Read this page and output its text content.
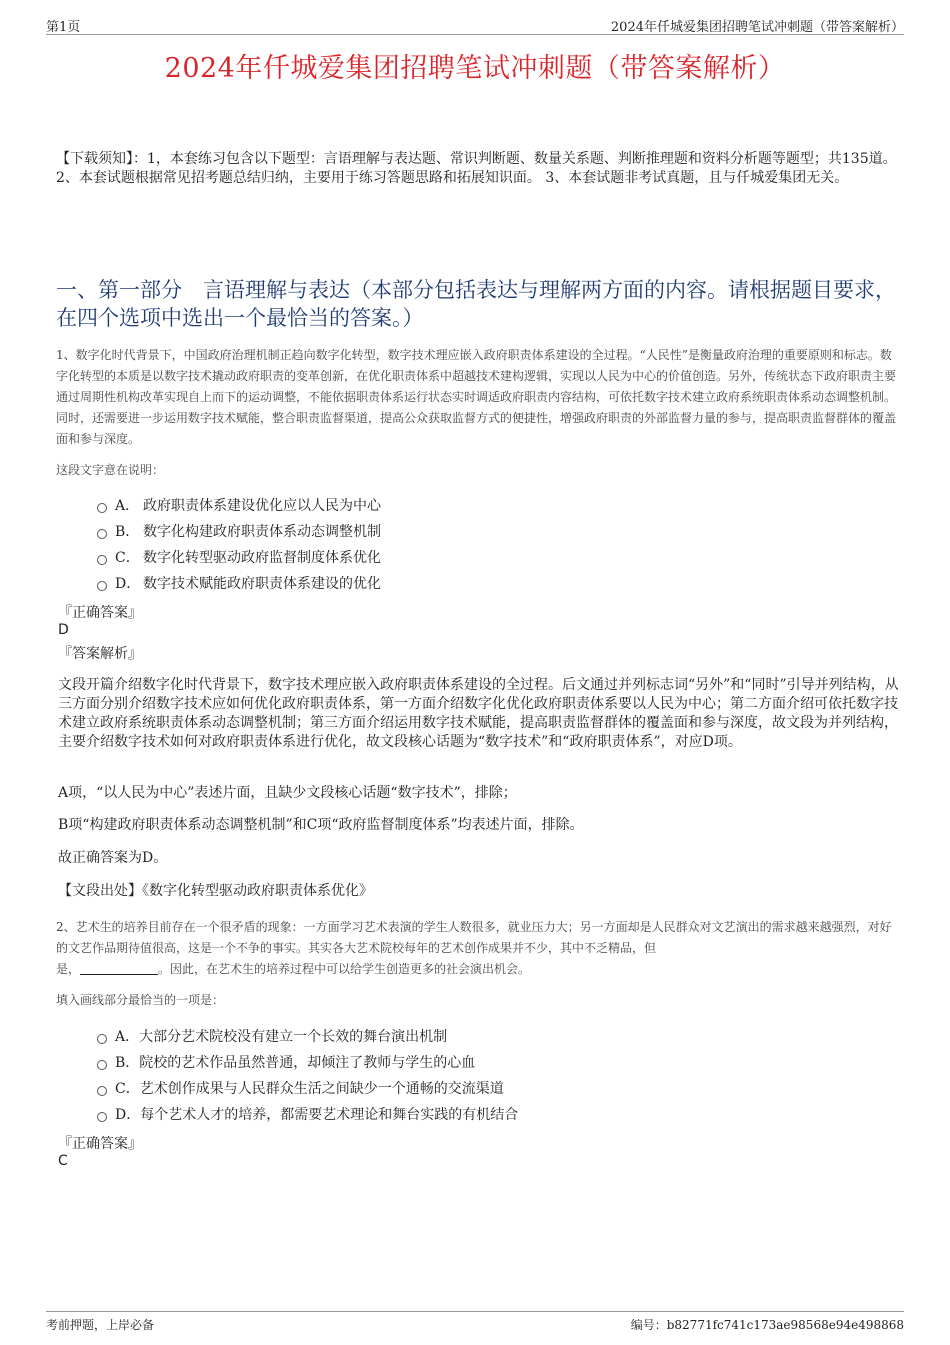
第1页	2024年仟城爱集团招聘笔试冲刺题（带答案解析）
2024年仟城爱集团招聘笔试冲刺题（带答案解析）
【下载须知】：1，本套练习包含以下题型：言语理解与表达题、常识判断题、数量关系题、判断推理题和资料分析题等题型；共135道。 2、本套试题根据常见招考题总结归纳，主要用于练习答题思路和拓展知识面。 3、本套试题非考试真题，且与仟城爱集团无关。
一、第一部分　言语理解与表达（本部分包括表达与理解两方面的内容。请根据题目要求，在四个选项中选出一个最恰当的答案。）
1、数字化时代背景下，中国政府治理机制正趋向数字化转型，数字技术理应嵌入政府职责体系建设的全过程。“人民性”是衡量政府治理的重要原则和标志。数字化转型的本质是以数字技术撬动政府职责的变革创新，在优化职责体系中超越技术建构逻辑，实现以人民为中心的价值创造。另外，传统状态下政府职责主要通过周期性机构改革实现自上而下的运动调整，不能依据职责体系运行状态实时调适政府职责内容结构，可依托数字技术建立政府系统职责体系动态调整机制。同时，还需要进一步运用数字技术赋能，整合职责监督渠道，提高公众获取监督方式的便捷性，增强政府职责的外部监督力量的参与，提高职责监督群体的覆盖面和参与深度。
这段文字意在说明：
A． 政府职责体系建设优化应以人民为中心
B． 数字化构建政府职责体系动态调整机制
C． 数字化转型驱动政府监督制度体系优化
D． 数字技术赋能政府职责体系建设的优化
『正确答案』
D
『答案解析』
文段开篇介绍数字化时代背景下，数字技术理应嵌入政府职责体系建设的全过程。后文通过并列标志词“另外”和“同时”引导并列结构，从三方面分别介绍数字技术应如何优化政府职责体系，第一方面介绍数字化优化政府职责体系要以人民为中心；第二方面介绍可依托数字技术建立政府系统职责体系动态调整机制；第三方面介绍运用数字技术赋能，提高职责监督群体的覆盖面和参与深度，故文段为并列结构，主要介绍数字技术如何对政府职责体系进行优化，故文段核心话题为“数字技术”和“政府职责体系”，对应D项。
A项，“以人民为中心”表述片面，且缺少文段核心话题“数字技术”，排除；
B项“构建政府职责体系动态调整机制”和C项“政府监督制度体系”均表述片面，排除。
故正确答案为D。
【文段出处】《数字化转型驱动政府职责体系优化》
2、艺术生的培养目前存在一个很矛盾的现象：一方面学习艺术表演的学生人数很多，就业压力大；另一方面却是人民群众对文艺演出的需求越来越强烈，对好的文艺作品期待值很高，这是一个不争的事实。其实各大艺术院校每年的艺术创作成果并不少，其中不乏精品，但
是，	。因此，在艺术生的培养过程中可以给学生创造更多的社会演出机会。
填入画线部分最恰当的一项是：
A．大部分艺术院校没有建立一个长效的舞台演出机制
B．院校的艺术作品虽然普通，却倾注了教师与学生的心血
C．艺术创作成果与人民群众生活之间缺少一个通畅的交流渠道
D．每个艺术人才的培养，都需要艺术理论和舞台实践的有机结合
『正确答案』
C
考前押题，上岸必备	编号：b82771fc741c173ae98568e94e498868
